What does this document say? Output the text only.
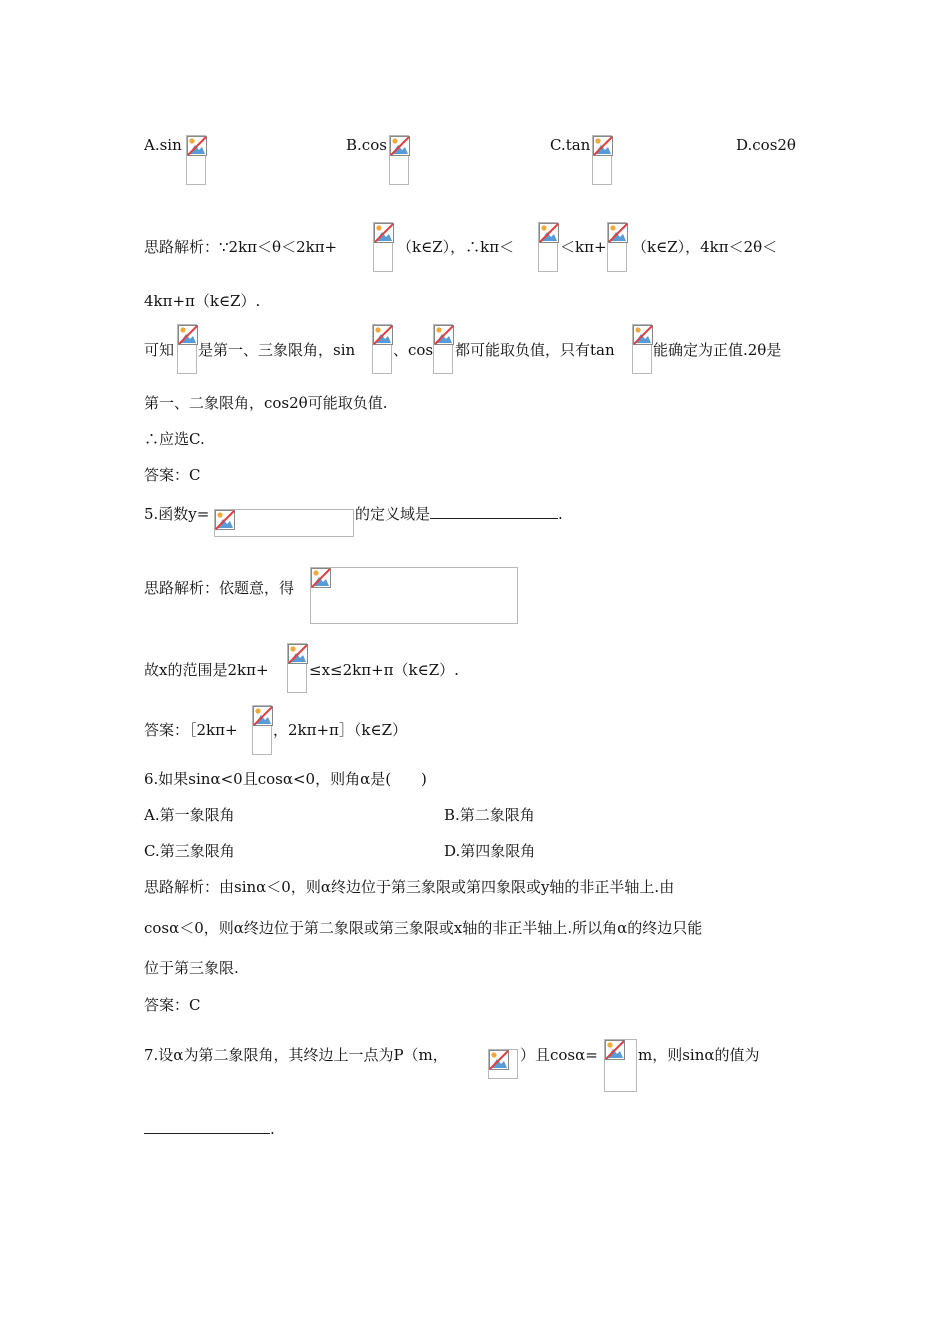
A.sin	B.cos	C.tan	D.cos2θ
思路解析： ∵2kπ＜θ＜2kπ+	（k∈Z），∴kπ＜	＜kπ+ （k∈Z），4kπ＜2θ＜
4kπ+π（k∈Z）.
可知 是第一、三象限角，sin	、cos 都可能取负值，只有tan	能确定为正值.2θ是
第一、二象限角，cos2θ可能取负值.
∴应选C.
答案：C
5.函数y=	的定义域是	.
思路解析：依题意，得
故x的范围是2kπ+	≤x≤2kπ+π（k∈Z）.
答案：［2kπ+ ，2kπ+π］（k∈Z）
6.如果sinα<0且cosα<0，则角α是(　　)
A.第一象限角	B.第二象限角
C.第三象限角	D.第四象限角
思路解析：由sinα＜0，则α终边位于第三象限或第四象限或y轴的非正半轴上.由
cosα＜0，则α终边位于第二象限或第三象限或x轴的非正半轴上.所以角α的终边只能
位于第三象限.
答案：C
7.设α为第二象限角，其终边上一点为P（m，	）且cosα=	m，则sinα的值为
.
